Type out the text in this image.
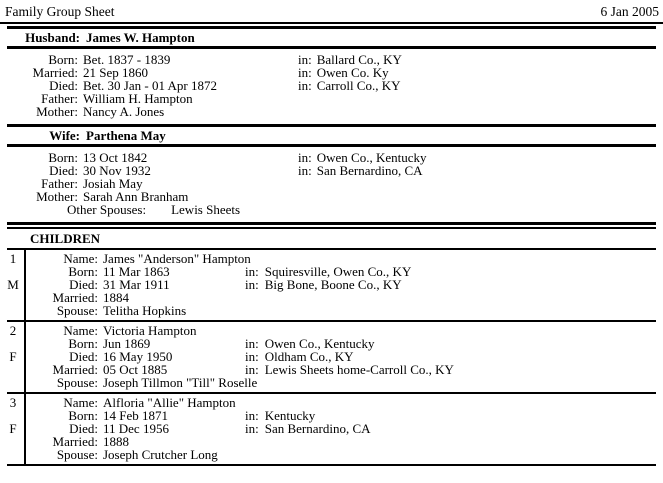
Family Group Sheet	6 Jan 2005
Husband: James W. Hampton
Born: Bet. 1837 - 1839	in: Ballard Co., KY
Married: 21 Sep 1860	in: Owen Co. Ky
Died: Bet. 30 Jan - 01 Apr 1872	in: Carroll Co., KY
Father: William H. Hampton
Mother: Nancy A. Jones
Wife: Parthena May
Born: 13 Oct 1842	in: Owen Co., Kentucky
Died: 30 Nov 1932	in: San Bernardino, CA
Father: Josiah May
Mother: Sarah Ann Branham
Other Spouses: Lewis Sheets
CHILDREN
1
M
Name: James "Anderson" Hampton
Born: 11 Mar 1863	in: Squiresville, Owen Co., KY
Died: 31 Mar 1911	in: Big Bone, Boone Co., KY
Married: 1884
Spouse: Telitha Hopkins
2
F
Name: Victoria Hampton
Born: Jun 1869	in: Owen Co., Kentucky
Died: 16 May 1950	in: Oldham Co., KY
Married: 05 Oct 1885	in: Lewis Sheets home-Carroll Co., KY
Spouse: Joseph Tillmon "Till" Roselle
3
F
Name: Alfloria "Allie" Hampton
Born: 14 Feb 1871	in: Kentucky
Died: 11 Dec 1956	in: San Bernardino, CA
Married: 1888
Spouse: Joseph Crutcher Long
